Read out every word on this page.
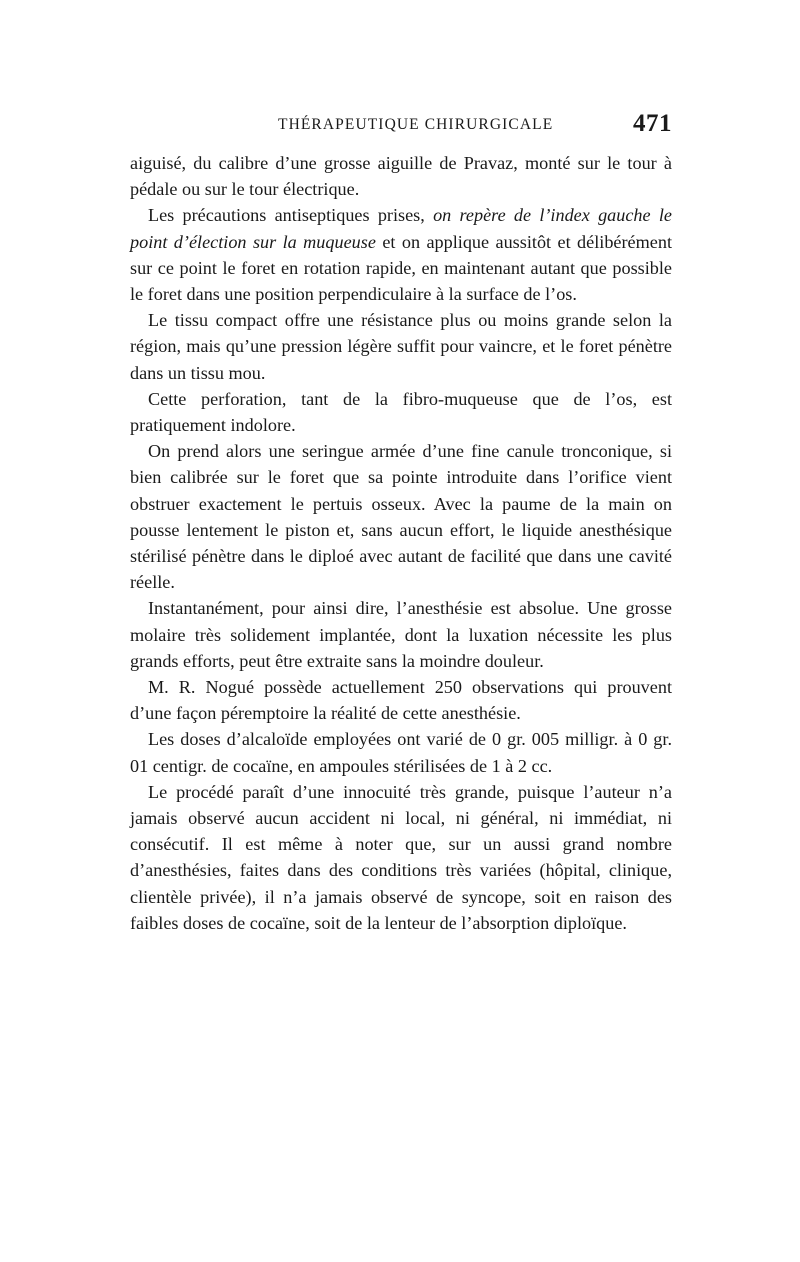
THÉRAPEUTIQUE CHIRURGICALE	471

aiguisé, du calibre d’une grosse aiguille de Pravaz, monté sur le tour à pédale ou sur le tour électrique.

Les précautions antiseptiques prises, on repère de l’index gauche le point d’élection sur la muqueuse et on applique aussitôt et délibérément sur ce point le foret en rotation rapide, en maintenant autant que possible le foret dans une position perpendiculaire à la surface de l’os.

Le tissu compact offre une résistance plus ou moins grande selon la région, mais qu’une pression légère suffit pour vaincre, et le foret pénètre dans un tissu mou.

Cette perforation, tant de la fibro-muqueuse que de l’os, est pratiquement indolore.

On prend alors une seringue armée d’une fine canule tronconique, si bien calibrée sur le foret que sa pointe introduite dans l’orifice vient obstruer exactement le pertuis osseux. Avec la paume de la main on pousse lentement le piston et, sans aucun effort, le liquide anesthésique stérilisé pénètre dans le diploé avec autant de facilité que dans une cavité réelle.

Instantanément, pour ainsi dire, l’anesthésie est absolue. Une grosse molaire très solidement implantée, dont la luxation nécessite les plus grands efforts, peut être extraite sans la moindre douleur.

M. R. Nogué possède actuellement 250 observations qui prouvent d’une façon péremptoire la réalité de cette anesthésie.

Les doses d’alcaloïde employées ont varié de 0 gr. 005 milligr. à 0 gr. 01 centigr. de cocaïne, en ampoules stérilisées de 1 à 2 cc.

Le procédé paraît d’une innocuité très grande, puisque l’auteur n’a jamais observé aucun accident ni local, ni général, ni immédiat, ni consécutif. Il est même à noter que, sur un aussi grand nombre d’anesthésies, faites dans des conditions très variées (hôpital, clinique, clientèle privée), il n’a jamais observé de syncope, soit en raison des faibles doses de cocaïne, soit de la lenteur de l’absorption diploïque.
